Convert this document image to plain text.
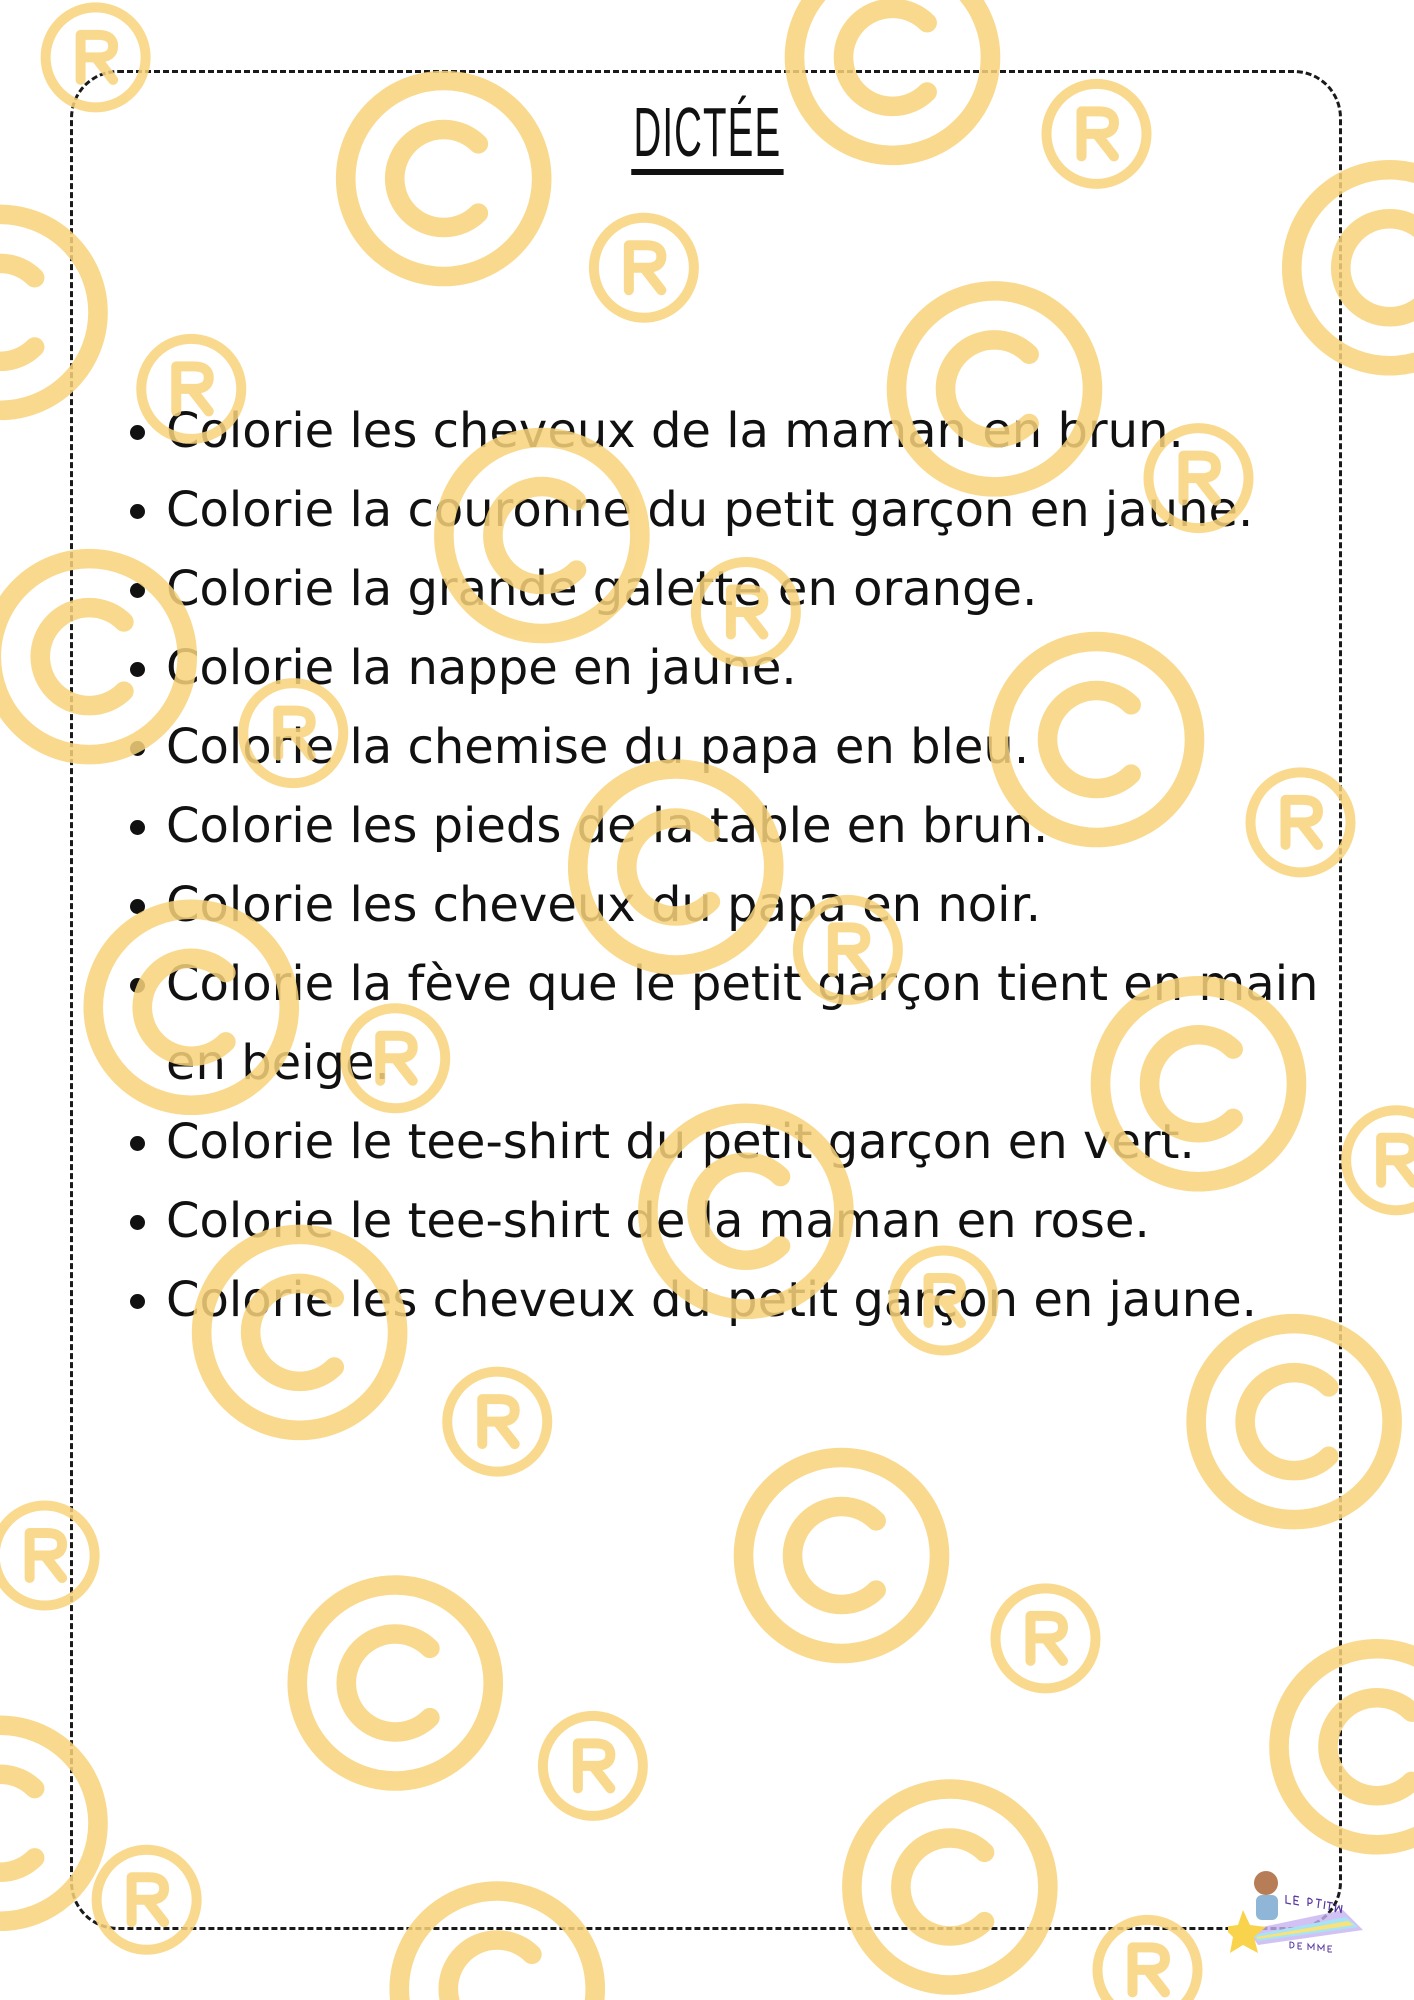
DICTÉE
• Colorie les cheveux de la maman en brun.
• Colorie la couronne du petit garçon en jaune.
• Colorie la grande galette en orange.
• Colorie la nappe en jaune.
• Colorie la chemise du papa en bleu.
• Colorie les pieds de la table en brun.
• Colorie les cheveux du papa en noir.
• Colorie la fève que le petit garçon tient en main en beige.
• Colorie le tee-shirt du petit garçon en vert.
• Colorie le tee-shirt de la maman en rose.
• Colorie les cheveux du petit garçon en jaune.
